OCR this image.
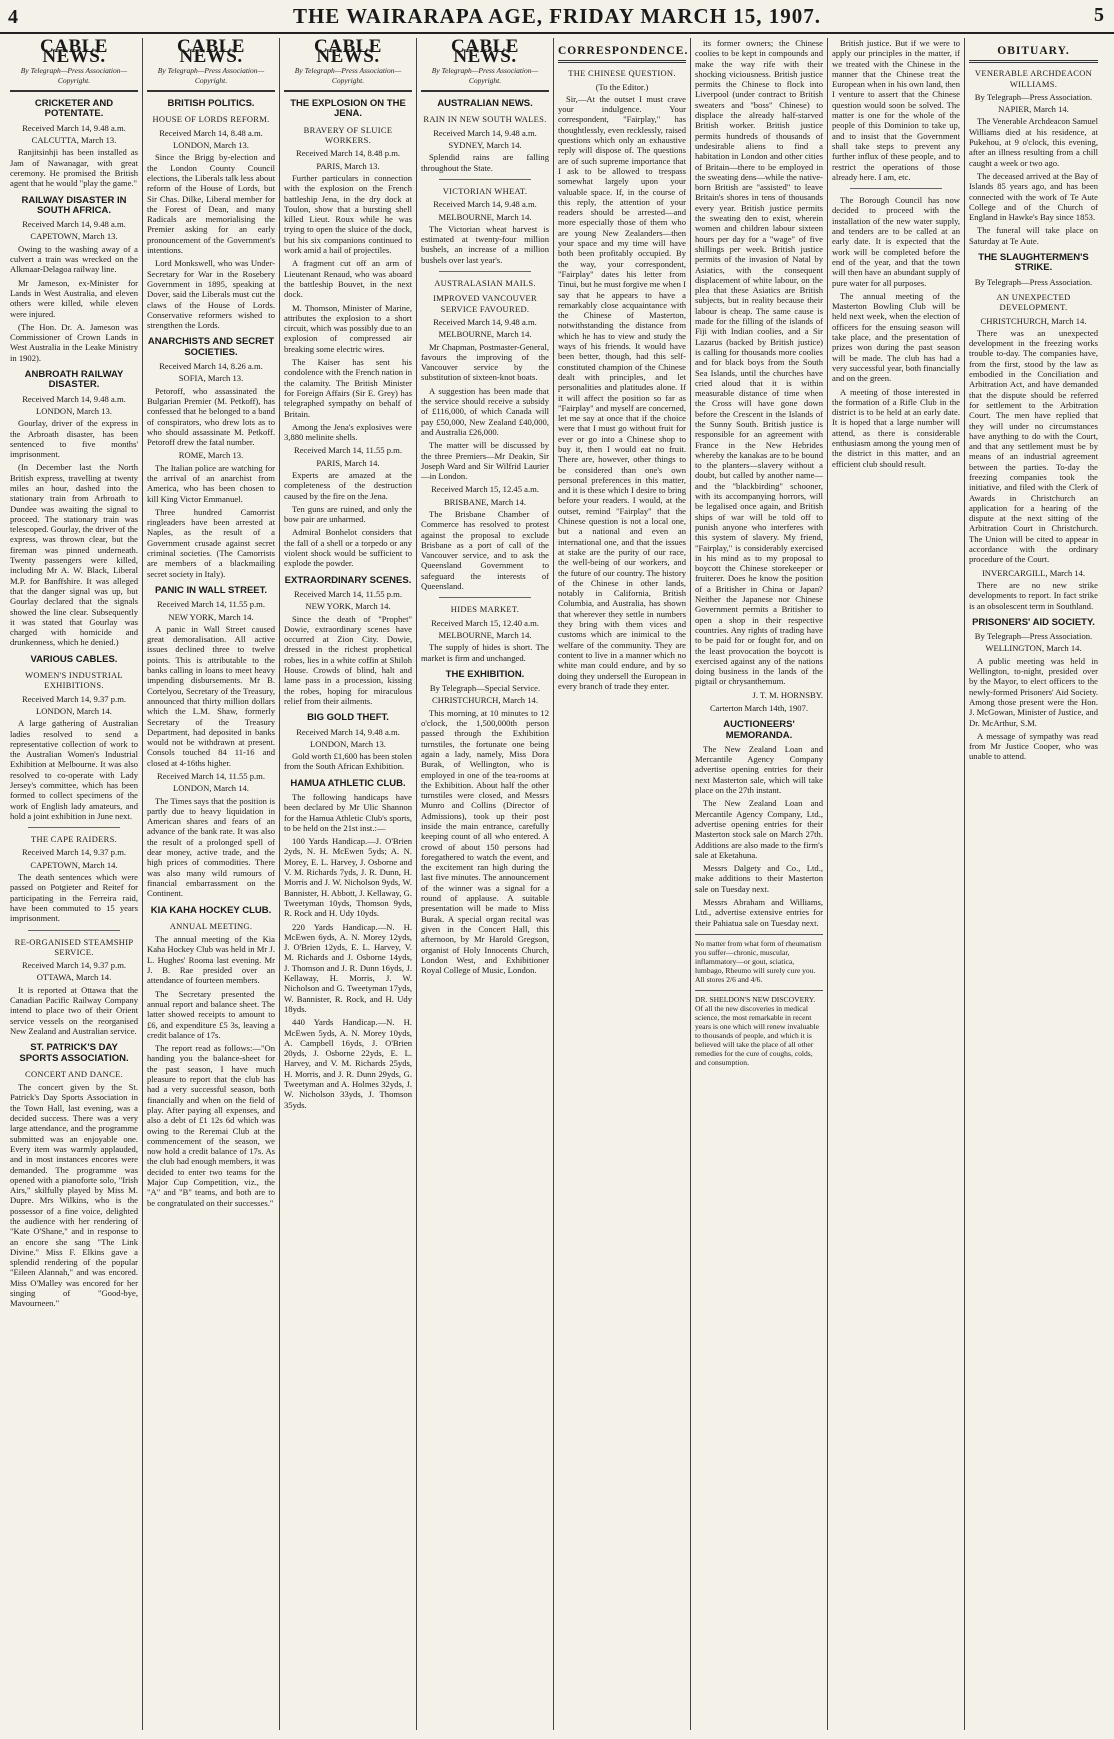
4	THE WAIRARAPA AGE, FRIDAY MARCH 15, 1907.	5
CABLE NEWS.
By Telegraph—Press Association—Copyright.
CRICKETER AND POTENTATE.
Received March 14, 9.48 a.m.
CALCUTTA, March 13.

Ranjitsinhji has been installed as Jam of Nawanagar, with great ceremony. He promised the British agent that he would "play the game."

RAILWAY DISASTER IN SOUTH AFRICA.
Received March 14, 9.48 a.m.
CAPETOWN, March 13.

Owing to the washing away of a culvert a train was wrecked on the Alkmaar-Delagoa railway line.

Mr Jameson, ex-Minister for Lands in West Australia, and eleven others were killed, while eleven were injured.

(The Hon. Dr. A. Jameson was Commissioner of Crown Lands in West Australia in the Leake Ministry in 1902).

ANBROATH RAILWAY DISASTER.
Received March 14, 9.48 a.m.
LONDON, March 13.

Gourlay, driver of the express in the Arbroath disaster, has been sentenced to five months' imprisonment.

(In December last the North British express, travelling at twenty miles an hour, dashed into the stationary train from Arbroath to Dundee was awaiting the signal to proceed. The stationary train was telescoped. Gourlay, the driver of the express, was thrown clear, but the fireman was pinned underneath. Twenty passengers were killed, including Mr A. W. Black, Liberal M.P. for Banffshire. It was alleged that the danger signal was up, but Gourlay declared that the signals showed the line clear. Subsequently it was stated that Gourlay was charged with homicide and drunkenness, which he denied.)

VARIOUS CABLES.
WOMEN'S INDUSTRIAL EXHIBITIONS.
Received March 14, 9.37 p.m.
LONDON, March 14.

A large gathering of Australian ladies resolved to send a representative collection of work to the Australian Women's Industrial Exhibition at Melbourne. It was also resolved to co-operate with Lady Jersey's committee, which has been formed to collect specimens of the work of English lady amateurs, and hold a joint exhibition in June next.

THE CAPE RAIDERS.
Received March 14, 9.37 p.m.
CAPETOWN, March 14.

The death sentences which were passed on Potgieter and Reitef for participating in the Ferreira raid, have been commuted to 15 years imprisonment.

RE-ORGANISED STEAMSHIP SERVICE.
Received March 14, 9.37 p.m.
OTTAWA, March 14.

It is reported at Ottawa that the Canadian Pacific Railway Company intend to place two of their Orient service vessels on the reorganised New Zealand and Australian service.

ST. PATRICK'S DAY SPORTS ASSOCIATION.
CONCERT AND DANCE.

The concert given by the St. Patrick's Day Sports Association in the Town Hall, last evening, was a decided success. There was a very large attendance, and the programme submitted was an enjoyable one. Every item was warmly applauded, and in most instances encores were demanded. The programme was opened with a pianoforte solo, "Irish Airs," skilfully played by Miss M. Dupre. Mrs Wilkins, who is the possessor of a fine voice, delighted the audience with her rendering of "Kate O'Shane," and in response to an encore she sang "The Link Divine." Miss F. Elkins gave a splendid rendering of the popular "Eileen Alannah," and was encored. Miss O'Malley was encored for her singing of "Good-bye, Mavourneen."

CABLE NEWS.
By Telegraph—Press Association—Copyright.
BRITISH POLITICS.
HOUSE OF LORDS REFORM.
Received March 14, 8.48 a.m.
LONDON, March 13.

Since the Brigg by-election and the London County Council elections, the Liberals talk less about reform of the House of Lords, but Sir Chas. Dilke, Liberal member for the Forest of Dean, and many Radicals are memorialising the Premier asking for an early pronouncement of the Government's intentions.

Lord Monkswell, who was Under-Secretary for War in the Rosebery Government in 1895, speaking at Dover, said the Liberals must cut the claws of the House of Lords. Conservative reformers wished to strengthen the Lords.

ANARCHISTS AND SECRET SOCIETIES.
Received March 14, 8.26 a.m.
SOFIA, March 13.

Petoroff, who assassinated the Bulgarian Premier (M. Petkoff), has confessed that he belonged to a band of conspirators, who drew lots as to who should assassinate M. Petkoff. Petoroff drew the fatal number.

ROME, March 13.

The Italian police are watching for the arrival of an anarchist from America, who has been chosen to kill King Victor Emmanuel.

Three hundred Camorrist ringleaders have been arrested at Naples, as the result of a Government crusade against secret criminal societies. (The Camorrists are members of a blackmailing secret society in Italy).

PANIC IN WALL STREET.
Received March 14, 11.55 p.m.
NEW YORK, March 14.

A panic in Wall Street caused great demoralisation. All active issues declined three to twelve points. This is attributable to the banks calling in loans to meet heavy impending disbursements. Mr B. Cortelyou, Secretary of the Treasury, announced that thirty million dollars which the L.M. Shaw, formerly Secretary of the Treasury Department, had deposited in banks would not be withdrawn at present. Consols touched 84 11-16 and closed at 4-16ths higher.

Received March 14, 11.55 p.m.
LONDON, March 14.

The Times says that the position is partly due to heavy liquidation in American shares and fears of an advance of the bank rate. It was also the result of a prolonged spell of dear money, active trade, and the high prices of commodities. There was also many wild rumours of financial embarrassment on the Continent.

KIA KAHA HOCKEY CLUB.
ANNUAL MEETING.

The annual meeting of the Kia Kaha Hockey Club was held in Mr J. L. Hughes' Rooma last evening. Mr J. B. Rae presided over an attendance of fourteen members.

The Secretary presented the annual report and balance sheet. The latter showed receipts to amount to £6, and expenditure £5 3s, leaving a credit balance of 17s.

The report read as follows:—"On handing you the balance-sheet for the past season, I have much pleasure to report that the club has had a very successful season, both financially and when on the field of play. After paying all expenses, and also a debt of £1 12s 6d which was owing to the Reremai Club at the commencement of the season, we now hold a credit balance of 17s. As the club had enough members, it was decided to enter two teams for the Major Cup Competition, viz., the "A" and "B" teams, and both are to be congratulated on their successes."

CABLE NEWS.
By Telegraph—Press Association—Copyright.
THE EXPLOSION ON THE JENA.
BRAVERY OF SLUICE WORKERS.
Received March 14, 8.48 p.m.
PARIS, March 13.

Further particulars in connection with the explosion on the French battleship Jena, in the dry dock at Toulon, show that a bursting shell killed Lieut. Roux while he was trying to open the sluice of the dock, but his six companions continued to work amid a hail of projectiles.

A fragment cut off an arm of Lieutenant Renaud, who was aboard the battleship Bouvet, in the next dock.

M. Thomson, Minister of Marine, attributes the explosion to a short circuit, which was possibly due to an explosion of compressed air breaking some electric wires.

The Kaiser has sent his condolence with the French nation in the calamity. The British Minister for Foreign Affairs (Sir E. Grey) has telegraphed sympathy on behalf of Britain.

Among the Jena's explosives were 3,880 melinite shells.

Received March 14, 11.55 p.m.
PARIS, March 14.

Experts are amazed at the completeness of the destruction caused by the fire on the Jena.

Ten guns are ruined, and only the bow pair are unharmed.

Admiral Bonhelot considers that the fall of a shell or a torpedo or any violent shock would be sufficient to explode the powder.

EXTRAORDINARY SCENES.
Received March 14, 11.55 p.m.
NEW YORK, March 14.

Since the death of "Prophet" Dowie, extraordinary scenes have occurred at Zion City. Dowie, dressed in the richest prophetical robes, lies in a white coffin at Shiloh House. Crowds of blind, halt and lame pass in a procession, kissing the robes, hoping for miraculous relief from their ailments.

BIG GOLD THEFT.
Received March 14, 9.48 a.m.
LONDON, March 13.

Gold worth £1,600 has been stolen from the South African Exhibition.

HAMUA ATHLETIC CLUB.

The following handicaps have been declared by Mr Ulic Shannon for the Hamua Athletic Club's sports, to be held on the 21st inst.:—

100 Yards Handicap.—J. O'Brien 2yds, N. H. McEwen 5yds; A. N. Morey, E. L. Harvey, J. Osborne and V. M. Richards 7yds, J. R. Dunn, H. Morris and J. W. Nicholson 9yds, W. Bannister, H. Abbott, J. Kellaway, G. Tweetyman 10yds, Thomson 9yds, R. Rock and H. Udy 10yds.

220 Yards Handicap.—N. H. McEwen 6yds, A. N. Morey 12yds, J. O'Brien 12yds, E. L. Harvey, V. M. Richards and J. Osborne 14yds, J. Thomson and J. R. Dunn 16yds, J. Kellaway, H. Morris, J. W. Nicholson and G. Tweetyman 17yds, W. Bannister, R. Rock, and H. Udy 18yds.

440 Yards Handicap.—N. H. McEwen 5yds, A. N. Morey 10yds, A. Campbell 16yds, J. O'Brien 20yds, J. Osborne 22yds, E. L. Harvey, and V. M. Richards 25yds, H. Morris, and J. R. Dunn 29yds, G. Tweetyman and A. Holmes 32yds, J. W. Nicholson 33yds, J. Thomson 35yds.

CABLE NEWS.
By Telegraph—Press Association—Copyright.
AUSTRALIAN NEWS.
RAIN IN NEW SOUTH WALES.
Received March 14, 9.48 a.m.
SYDNEY, March 14.

Splendid rains are falling throughout the State.

VICTORIAN WHEAT.
Received March 14, 9.48 a.m.
MELBOURNE, March 14.

The Victorian wheat harvest is estimated at twenty-four million bushels, an increase of a million bushels over last year's.

AUSTRALASIAN MAILS.
IMPROVED VANCOUVER SERVICE FAVOURED.
Received March 14, 9.48 a.m.
MELBOURNE, March 14.

Mr Chapman, Postmaster-General, favours the improving of the Vancouver service by the substitution of sixteen-knot boats.

A suggestion has been made that the service should receive a subsidy of £116,000, of which Canada will pay £50,000, New Zealand £40,000, and Australia £26,000.

The matter will be discussed by the three Premiers—Mr Deakin, Sir Joseph Ward and Sir Wilfrid Laurier—in London.

Received March 15, 12.45 a.m.
BRISBANE, March 14.

The Brisbane Chamber of Commerce has resolved to protest against the proposal to exclude Brisbane as a port of call of the Vancouver service, and to ask the Queensland Government to safeguard the interests of Queensland.

HIDES MARKET.
Received March 15, 12.40 a.m.
MELBOURNE, March 14.

The supply of hides is short. The market is firm and unchanged.

THE EXHIBITION.
By Telegraph—Special Service.
CHRISTCHURCH, March 14.

This morning, at 10 minutes to 12 o'clock, the 1,500,000th person passed through the Exhibition turnstiles, the fortunate one being again a lady, namely, Miss Dora Burak, of Wellington, who is employed in one of the tea-rooms at the Exhibition. About half the other turnstiles were closed, and Messrs Munro and Collins (Director of Admissions), took up their post inside the main entrance, carefully keeping count of all who entered. A crowd of about 150 persons had foregathered to watch the event, and the excitement ran high during the last five minutes. The announcement of the winner was a signal for a round of applause. A suitable presentation will be made to Miss Burak. A special organ recital was given in the Concert Hall, this afternoon, by Mr Harold Gregson, organist of Holy Innocents Church, London West, and Exhibitioner Royal College of Music, London.

CORRESPONDENCE.
THE CHINESE QUESTION.
(To the Editor.)

Sir,—At the outset I must crave your indulgence. Your correspondent, "Fairplay," has thoughtlessly, even recklessly, raised questions which only an exhaustive reply will dispose of. The questions are of such supreme importance that I ask to be allowed to trespass somewhat largely upon your valuable space. If, in the course of this reply, the attention of your readers should be arrested—and more especially those of them who are young New Zealanders—then your space and my time will have both been profitably occupied. By the way, your correspondent, "Fairplay" dates his letter from Tinui, but he must forgive me when I say that he appears to have a remarkably close acquaintance with the Chinese of Masterton, notwithstanding the distance from which he has to view and study the ways of his friends. It would have been better, though, had this self-constituted champion of the Chinese dealt with principles, and let personalities and platitudes alone. If it will affect the position so far as "Fairplay" and myself are concerned, let me say at once that if the choice were that I must go without fruit for ever or go into a Chinese shop to buy it, then I would eat no fruit. There are, however, other things to be considered than one's own personal preferences in this matter, and it is these which I desire to bring before your readers. I would, at the outset, remind "Fairplay" that the Chinese question is not a local one, but a national and even an international one, and that the issues at stake are the purity of our race, the well-being of our workers, and the future of our country. The history of the Chinese in other lands, notably in California, British Columbia, and Australia, has shown that wherever they settle in numbers they bring with them vices and customs which are inimical to the welfare of the community. They are content to live in a manner which no white man could endure, and by so doing they undersell the European in every branch of trade they enter.

its former owners; the Chinese coolies to be kept in compounds and make the way rife with their shocking viciousness. British justice permits the Chinese to flock into Liverpool (under contract to British sweaters and "boss" Chinese) to displace the already half-starved British worker. British justice permits hundreds of thousands of undesirable aliens to find a habitation in London and other cities of Britain—there to be employed in the sweating dens—while the native-born British are "assisted" to leave Britain's shores in tens of thousands every year. British justice permits the sweating den to exist, wherein women and children labour sixteen hours per day for a "wage" of five shillings per week. British justice permits of the invasion of Natal by Asiatics, with the consequent displacement of white labour, on the plea that these Asiatics are British subjects, but in reality because their labour is cheap. The same cause is made for the filling of the islands of Fiji with Indian coolies, and a Sir Lazarus (backed by British justice) is calling for thousands more coolies and for black boys from the South Sea Islands, until the churches have cried aloud that it is within measurable distance of time when the Cross will have gone down before the Crescent in the Islands of the Sunny South. British justice is responsible for an agreement with France in the New Hebrides whereby the kanakas are to be bound to the planters—slavery without a doubt, but called by another name—and the "blackbirding" schooner, with its accompanying horrors, will be legalised once again, and British ships of war will be told off to punish anyone who interferes with this system of slavery. My friend, "Fairplay," is considerably exercised in his mind as to my proposal to boycott the Chinese storekeeper or fruiterer. Does he know the position of a Britisher in China or Japan? Neither the Japanese nor Chinese Government permits a Britisher to open a shop in their respective countries. Any rights of trading have to be paid for or fought for, and on the least provocation the boycott is exercised against any of the nations doing business in the lands of the pigtail or chrysanthemum.

J. T. M. HORNSBY.
Carterton March 14th, 1907.
AUCTIONEERS' MEMORANDA.

The New Zealand Loan and Mercantile Agency Company advertise opening entries for their next Masterton sale, which will take place on the 27th instant.

The New Zealand Loan and Mercantile Agency Company, Ltd., advertise opening entries for their Masterton stock sale on March 27th. Additions are also made to the firm's sale at Eketahuna.

Messrs Dalgety and Co., Ltd., make additions to their Masterton sale on Tuesday next.

Messrs Abraham and Williams, Ltd., advertise extensive entries for their Pahiatua sale on Tuesday next.

No matter from what form of rheumatism you suffer—chronic, muscular, inflammatory—or gout, sciatica, lumbago, Rheumo will surely cure you. All stores 2/6 and 4/6.
DR. SHELDON'S NEW DISCOVERY. Of all the new discoveries in medical science, the most remarkable in recent years is one which will renew invaluable to thousands of people, and which it is believed will take the place of all other remedies for the cure of coughs, colds, and consumption.

British justice. But if we were to apply our principles in the matter, if we treated with the Chinese in the manner that the Chinese treat the European when in his own land, then I venture to assert that the Chinese question would soon be solved. The matter is one for the whole of the people of this Dominion to take up, and to insist that the Government shall take steps to prevent any further influx of these people, and to restrict the operations of those already here. I am, etc.

The Borough Council has now decided to proceed with the installation of the new water supply, and tenders are to be called at an early date. It is expected that the work will be completed before the end of the year, and that the town will then have an abundant supply of pure water for all purposes.

The annual meeting of the Masterton Bowling Club will be held next week, when the election of officers for the ensuing season will take place, and the presentation of prizes won during the past season will be made. The club has had a very successful year, both financially and on the green.

A meeting of those interested in the formation of a Rifle Club in the district is to be held at an early date. It is hoped that a large number will attend, as there is considerable enthusiasm among the young men of the district in this matter, and an efficient club should result.

OBITUARY.
VENERABLE ARCHDEACON WILLIAMS.
By Telegraph—Press Association.
NAPIER, March 14.

The Venerable Archdeacon Samuel Williams died at his residence, at Pukehou, at 9 o'clock, this evening, after an illness resulting from a chill caught a week or two ago.

The deceased arrived at the Bay of Islands 85 years ago, and has been connected with the work of Te Aute College and of the Church of England in Hawke's Bay since 1853.

The funeral will take place on Saturday at Te Aute.

THE SLAUGHTERMEN'S STRIKE.
By Telegraph—Press Association.
AN UNEXPECTED DEVELOPMENT.
CHRISTCHURCH, March 14.

There was an unexpected development in the freezing works trouble to-day. The companies have, from the first, stood by the law as embodied in the Conciliation and Arbitration Act, and have demanded that the dispute should be referred for settlement to the Arbitration Court. The men have replied that they will under no circumstances have anything to do with the Court, and that any settlement must be by means of an industrial agreement between the parties. To-day the freezing companies took the initiative, and filed with the Clerk of Awards in Christchurch an application for a hearing of the dispute at the next sitting of the Arbitration Court in Christchurch. The Union will be cited to appear in accordance with the ordinary procedure of the Court.

INVERCARGILL, March 14.

There are no new strike developments to report. In fact strike is an obsolescent term in Southland.

PRISONERS' AID SOCIETY.
By Telegraph—Press Association.
WELLINGTON, March 14.

A public meeting was held in Wellington, to-night, presided over by the Mayor, to elect officers to the newly-formed Prisoners' Aid Society. Among those present were the Hon. J. McGowan, Minister of Justice, and Dr. McArthur, S.M.

A message of sympathy was read from Mr Justice Cooper, who was unable to attend.
